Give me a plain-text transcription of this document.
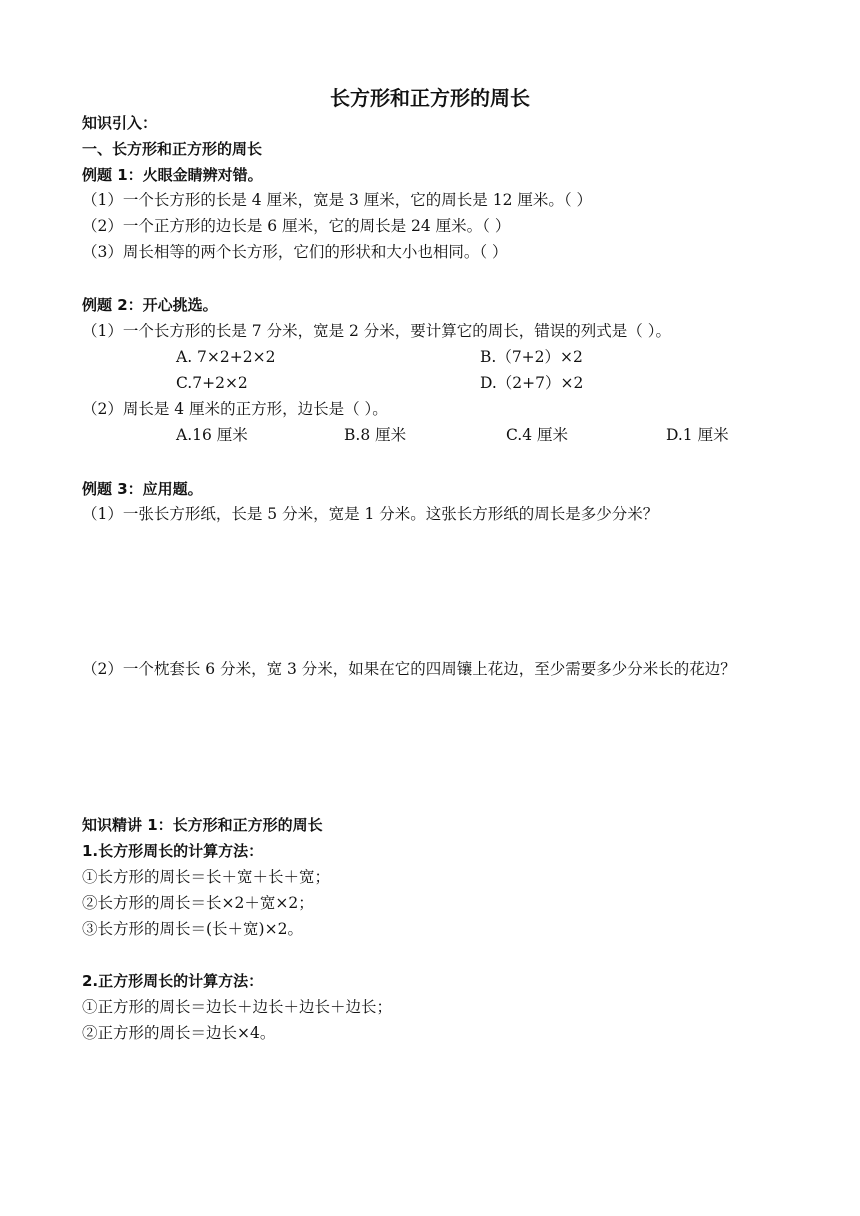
长方形和正方形的周长
知识引入：
一、长方形和正方形的周长
例题 1：火眼金睛辨对错。
（1）一个长方形的长是 4 厘米，宽是 3 厘米，它的周长是 12 厘米。（ ）
（2）一个正方形的边长是 6 厘米，它的周长是 24 厘米。（ ）
（3）周长相等的两个长方形，它们的形状和大小也相同。（ ）
例题 2：开心挑选。
（1）一个长方形的长是 7 分米，宽是 2 分米，要计算它的周长，错误的列式是（ ）。
A. 7×2+2×2	B.（7+2）×2
C.7+2×2	D.（2+7）×2
（2）周长是 4 厘米的正方形，边长是（ ）。
A.16 厘米	B.8 厘米	C.4 厘米	D.1 厘米
例题 3：应用题。
（1）一张长方形纸，长是 5 分米，宽是 1 分米。这张长方形纸的周长是多少分米？
（2）一个枕套长 6 分米，宽 3 分米，如果在它的四周镶上花边，至少需要多少分米长的花边？
知识精讲 1：长方形和正方形的周长
1.长方形周长的计算方法：
①长方形的周长＝长＋宽＋长＋宽；
②长方形的周长＝长×2＋宽×2；
③长方形的周长＝(长＋宽)×2。
2.正方形周长的计算方法：
①正方形的周长＝边长＋边长＋边长＋边长；
②正方形的周长＝边长×4。
